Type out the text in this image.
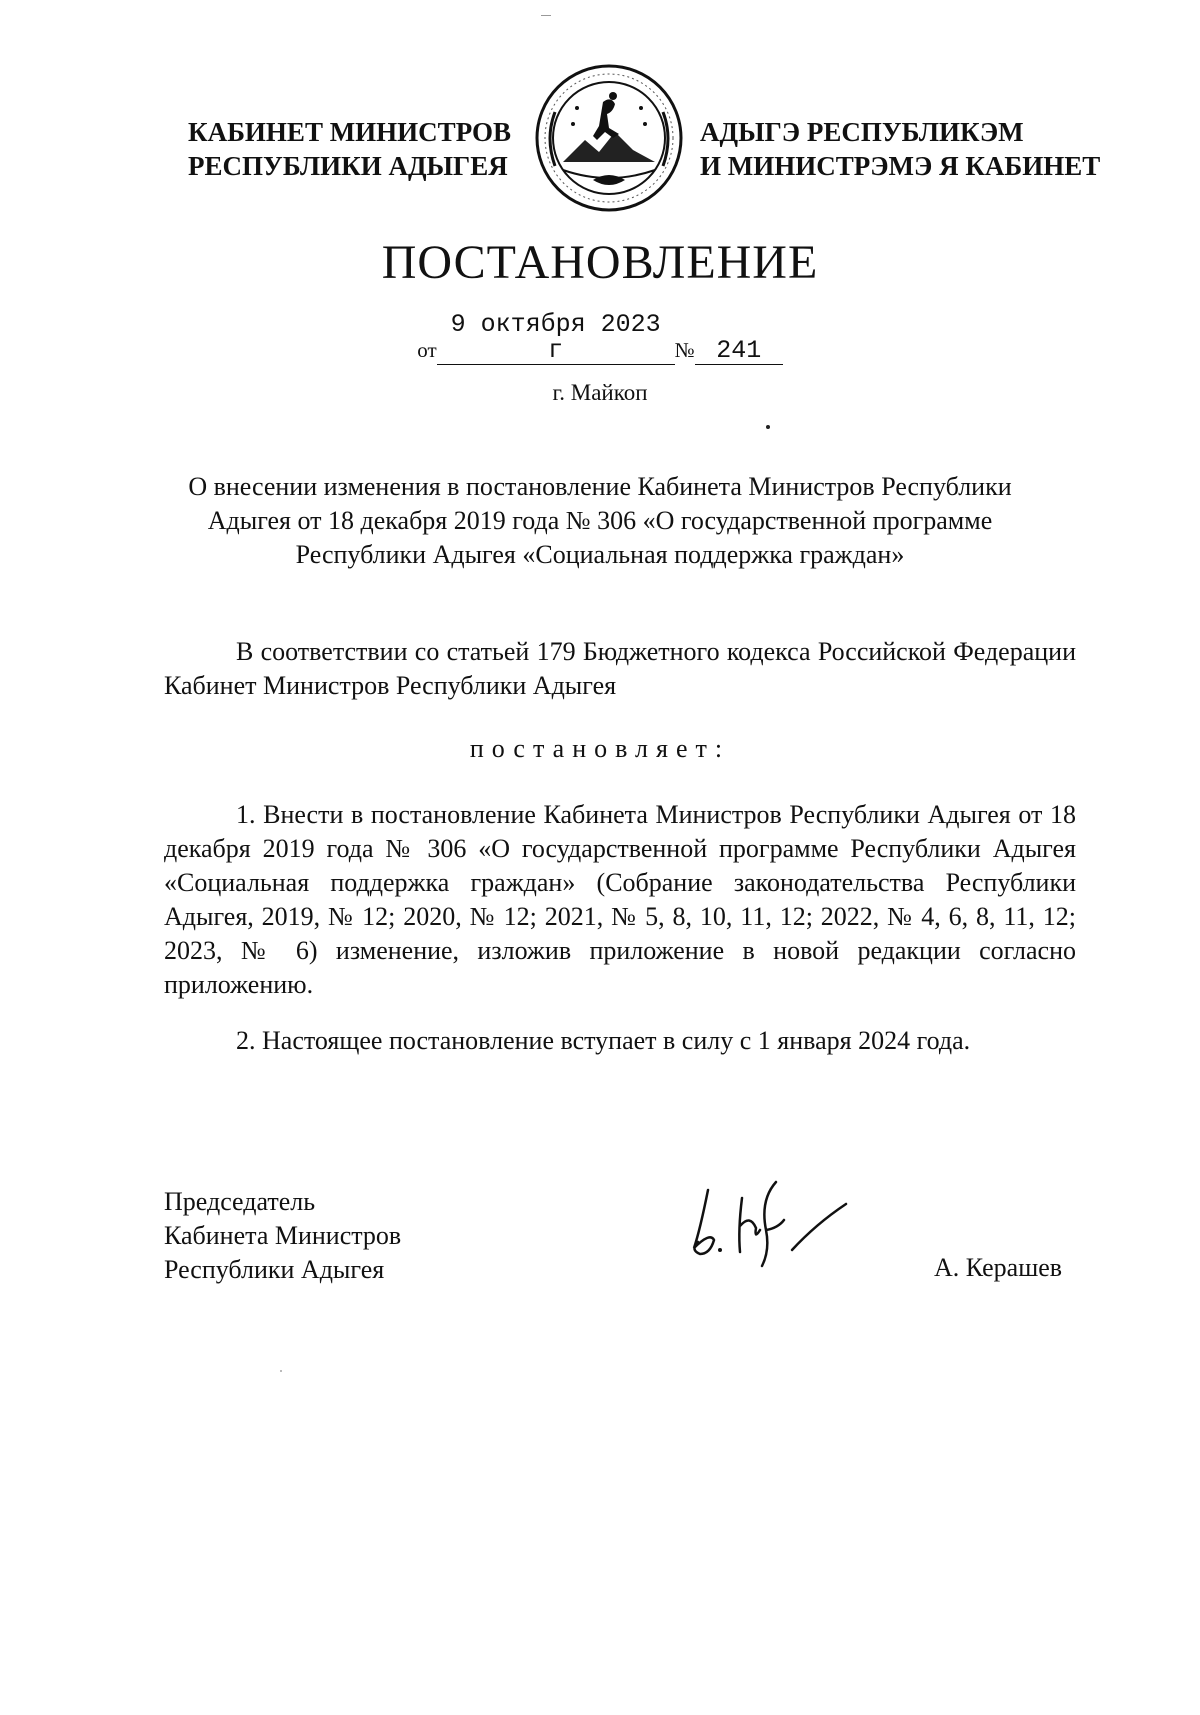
КАБИНЕТ МИНИСТРОВ
РЕСПУБЛИКИ АДЫГЕЯ
АДЫГЭ РЕСПУБЛИКЭМ
И МИНИСТРЭМЭ Я КАБИНЕТ
ПОСТАНОВЛЕНИЕ
от9 октября 2023 г	№ 241
г. Майкоп
О внесении изменения в постановление Кабинета Министров Республики
Адыгея от 18 декабря 2019 года № 306 «О государственной программе
Республики Адыгея «Социальная поддержка граждан»
В соответствии со статьей 179 Бюджетного кодекса Российской Федерации Кабинет Министров Республики Адыгея
постановляет:
1. Внести в постановление Кабинета Министров Республики Адыгея от 18 декабря 2019 года № 306 «О государственной программе Республики Адыгея «Социальная поддержка граждан» (Собрание законодательства Республики Адыгея, 2019, № 12; 2020, № 12; 2021, № 5, 8, 10, 11, 12; 2022, № 4, 6, 8, 11, 12; 2023, № 6) изменение, изложив приложение в новой редакции согласно приложению.
2. Настоящее постановление вступает в силу с 1 января 2024 года.
Председатель
Кабинета Министров
Республики Адыгея	А. Керашев
